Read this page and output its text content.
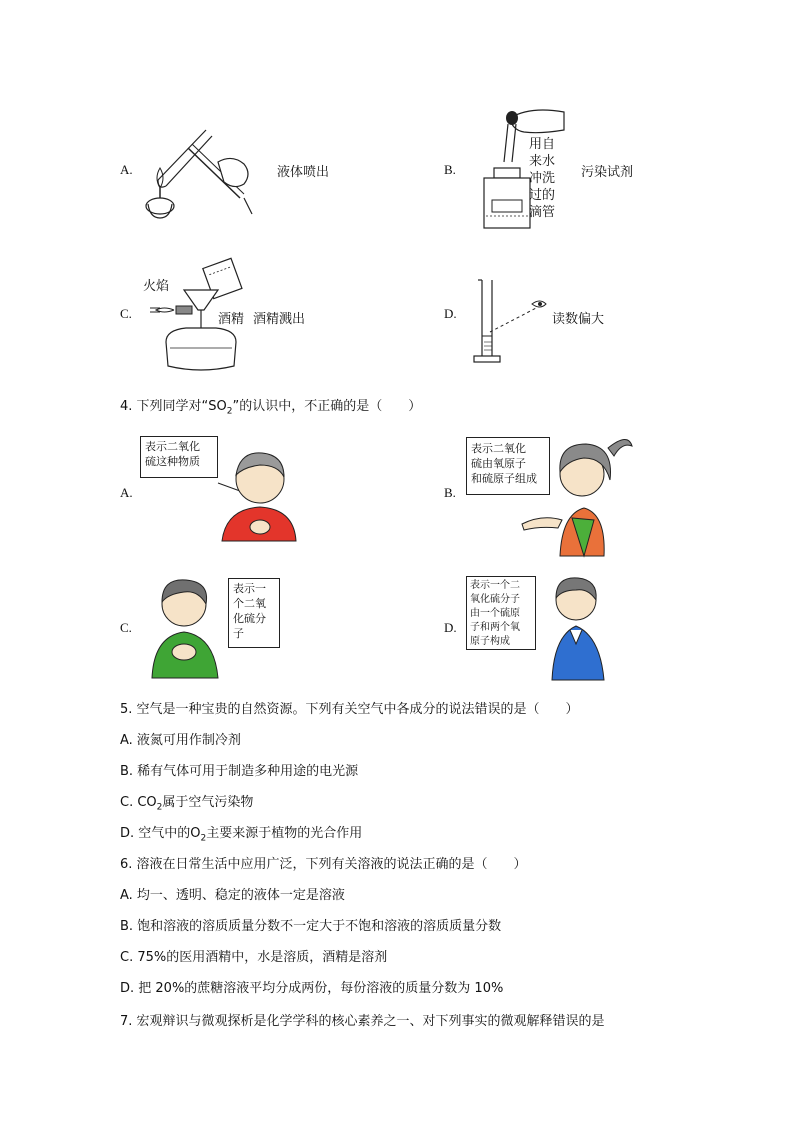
A.	液体喷出	B.
用自
来水
冲洗
过的
滴管
污染试剂
C.
火焰
酒精 酒精溅出	D.	读数偏大
4. 下列同学对“$SO_2$”的认识中，不正确的是（　　）
A.
表示二氧化
硫这种物质
B.
表示二氧化
硫由氧原子
和硫原子组成
C.
表示一
个二氧
化硫分
子	D.
表示一个二
氧化硫分子
由一个硫原
子和两个氧
原子构成
5. 空气是一种宝贵的自然资源。下列有关空气中各成分的说法错误的是（　　）
A. 液氮可用作制冷剂
B. 稀有气体可用于制造多种用途的电光源
C. $CO_2$属于空气污染物
D. 空气中的$O_2$主要来源于植物的光合作用
6. 溶液在日常生活中应用广泛，下列有关溶液的说法正确的是（　　）
A. 均一、透明、稳定的液体一定是溶液
B. 饱和溶液的溶质质量分数不一定大于不饱和溶液的溶质质量分数
C. 75%的医用酒精中，水是溶质，酒精是溶剂
D. 把 20%的蔗糖溶液平均分成两份，每份溶液的质量分数为 10%
7. 宏观辩识与微观探析是化学学科的核心素养之一、对下列事实的微观解释错误的是
